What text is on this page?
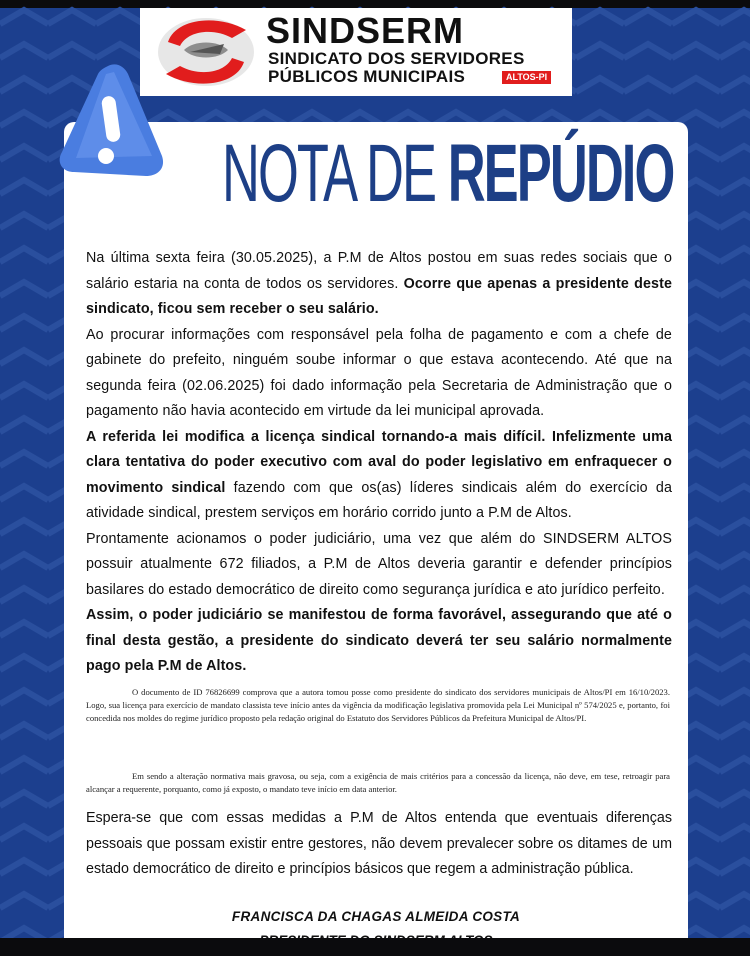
SINDSERM
SINDICATO DOS SERVIDORES
PÚBLICOS MUNICIPAIS	ALTOS-PI
NOTA DE REPÚDIO

Na última sexta feira (30.05.2025), a P.M de Altos postou em suas redes sociais que o salário estaria na conta de todos os servidores. Ocorre que apenas a presidente deste sindicato, ficou sem receber o seu salário.

Ao procurar informações com responsável pela folha de pagamento e com a chefe de gabinete do prefeito, ninguém soube informar o que estava acontecendo. Até que na segunda feira (02.06.2025) foi dado informação pela Secretaria de Administração que o pagamento não havia acontecido em virtude da lei municipal aprovada.

A referida lei modifica a licença sindical tornando-a mais difícil. Infelizmente uma clara tentativa do poder executivo com aval do poder legislativo em enfraquecer o movimento sindical fazendo com que os(as) líderes sindicais além do exercício da atividade sindical, prestem serviços em horário corrido junto a P.M de Altos.

Prontamente acionamos o poder judiciário, uma vez que além do SINDSERM ALTOS possuir atualmente 672 filiados, a P.M de Altos deveria garantir e defender princípios basilares do estado democrático de direito como segurança jurídica e ato jurídico perfeito.

Assim, o poder judiciário se manifestou de forma favorável, assegurando que até o final desta gestão, a presidente do sindicato deverá ter seu salário normalmente pago pela P.M de Altos.

O documento de ID 76826699 comprova que a autora tomou posse como presidente do sindicato dos servidores municipais de Altos/PI em 16/10/2023. Logo, sua licença para exercício de mandato classista teve início antes da vigência da modificação legislativa promovida pela Lei Municipal nº 574/2025 e, portanto, foi concedida nos moldes do regime jurídico proposto pela redação original do Estatuto dos Servidores Públicos da Prefeitura Municipal de Altos/PI.
Em sendo a alteração normativa mais gravosa, ou seja, com a exigência de mais critérios para a concessão da licença, não deve, em tese, retroagir para alcançar a requerente, porquanto, como já exposto, o mandato teve início em data anterior.

Espera-se que com essas medidas a P.M de Altos entenda que eventuais diferenças pessoais que possam existir entre gestores, não devem prevalecer sobre os ditames de um estado democrático de direito e princípios básicos que regem a administração pública.

FRANCISCA DA CHAGAS ALMEIDA COSTA
